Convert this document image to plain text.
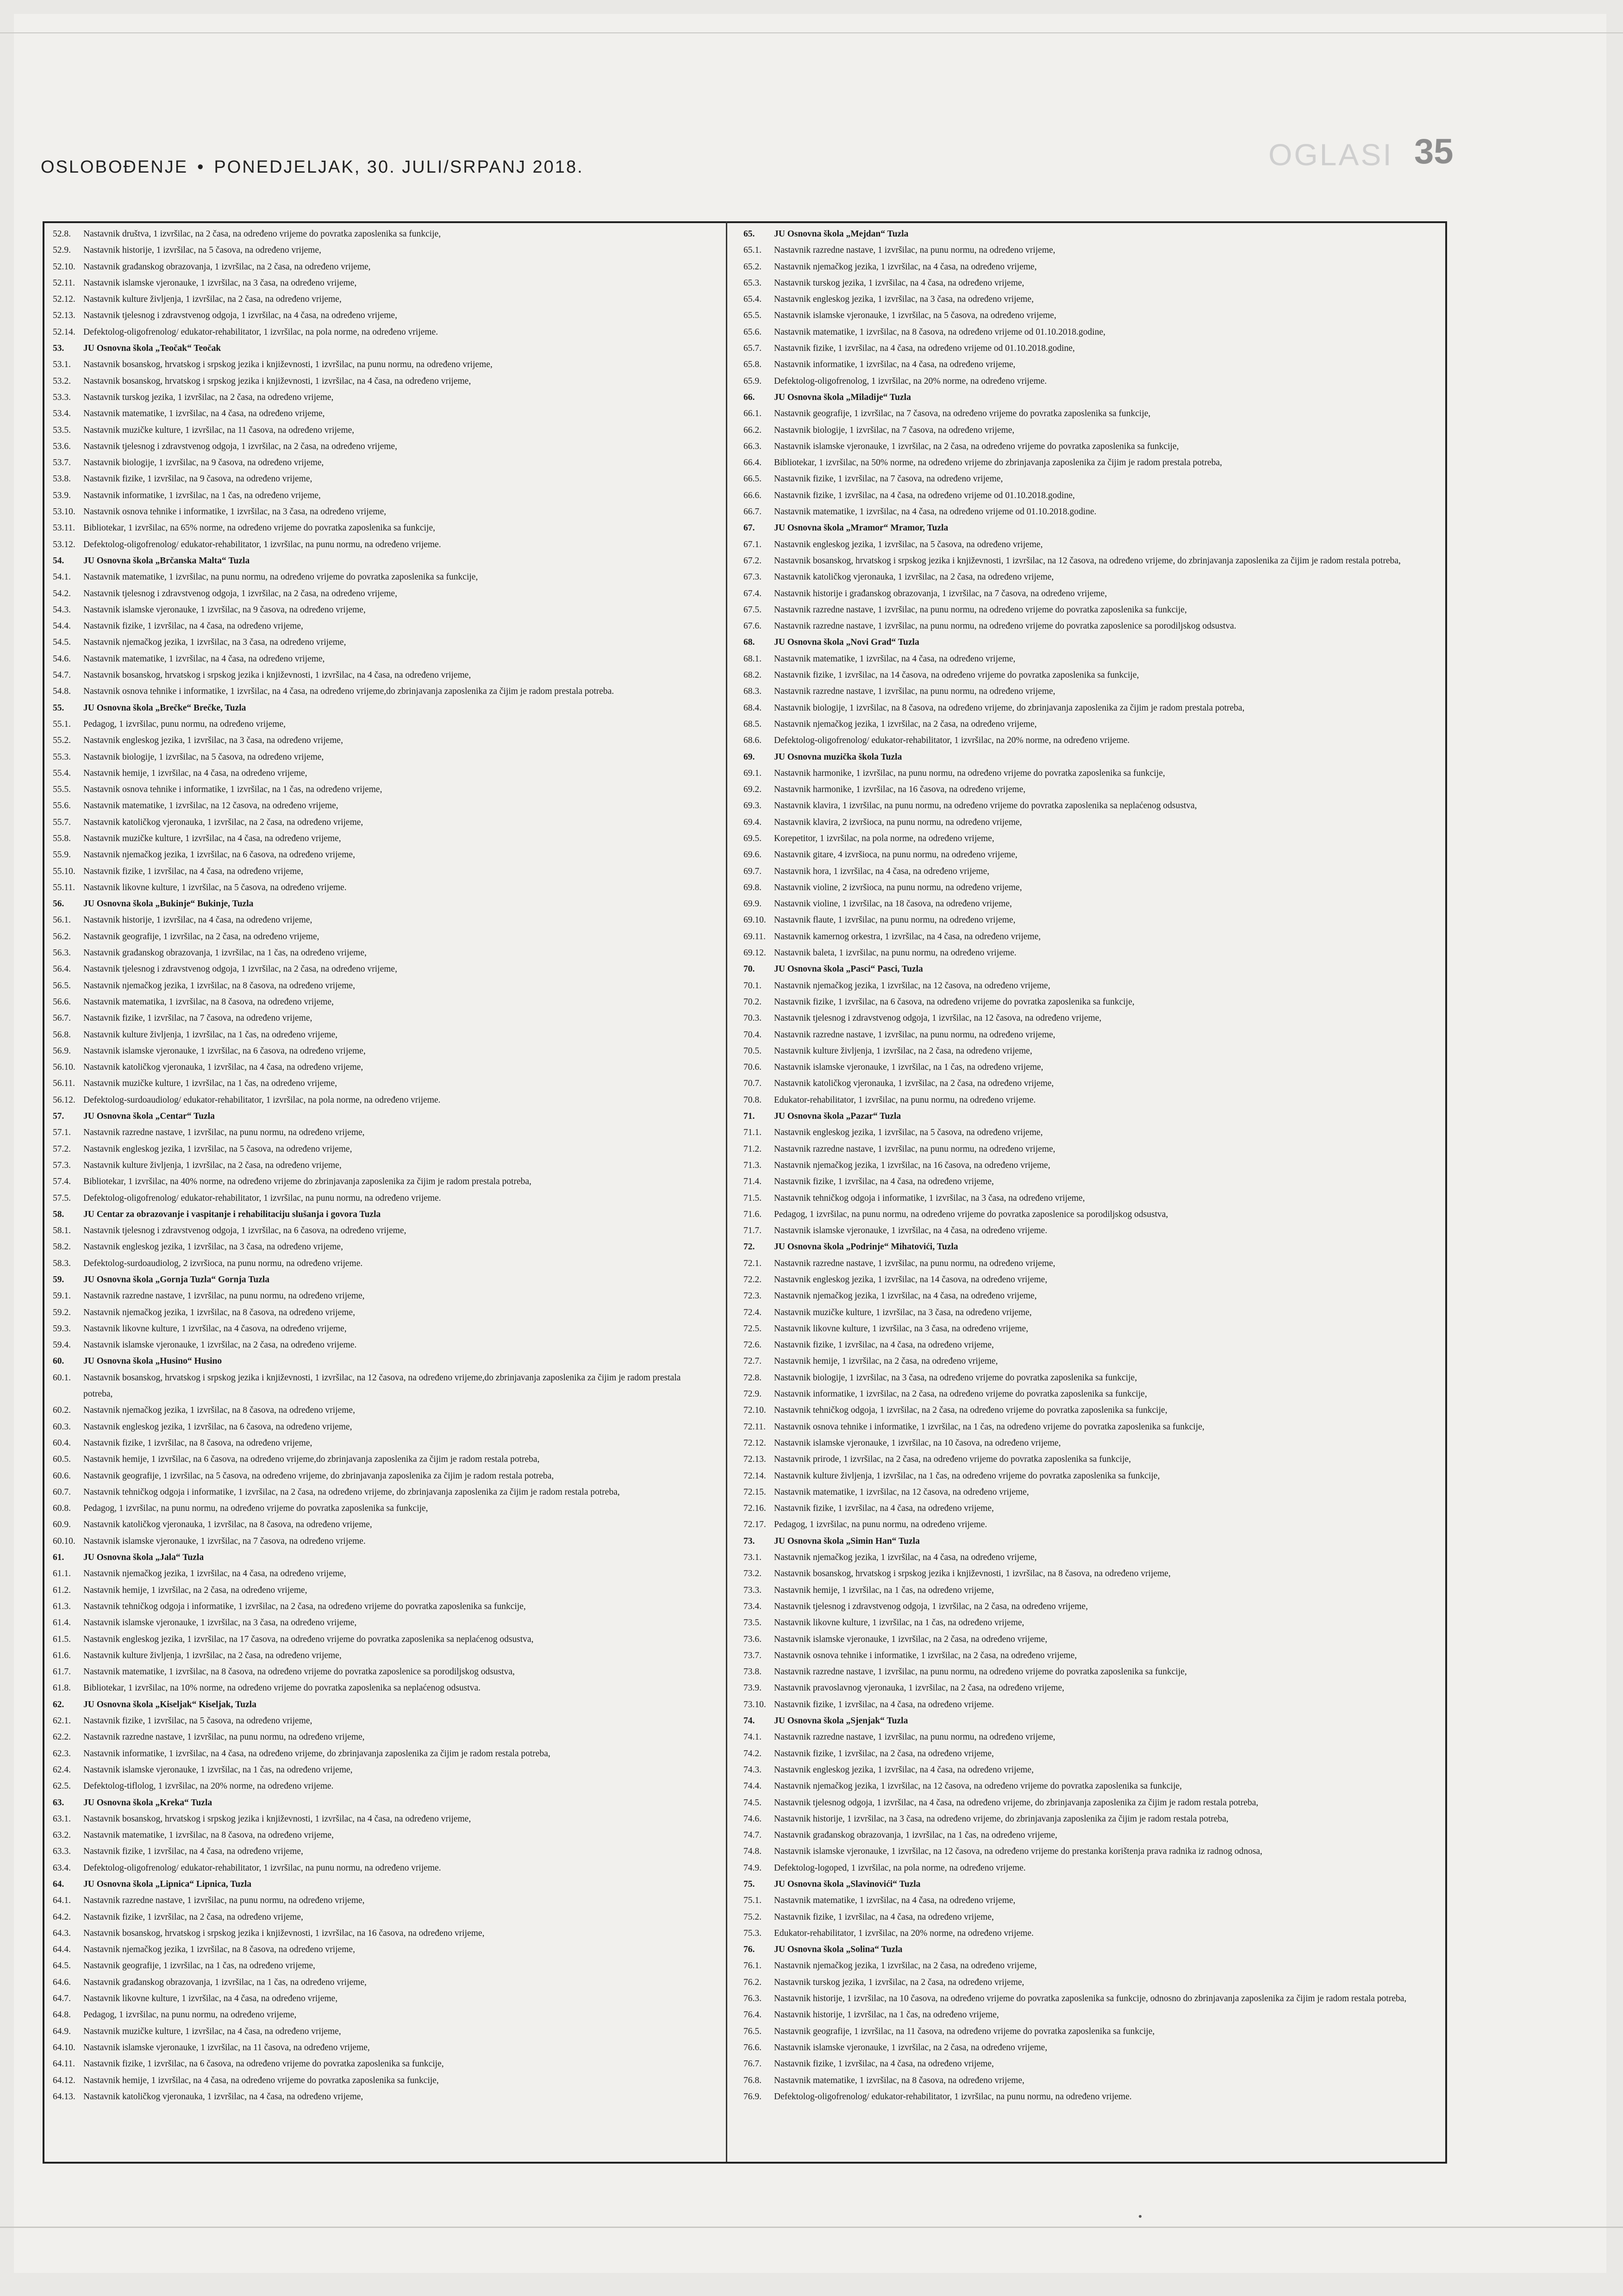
OSLOBOĐENJE • PONEDJELJAK, 30. JULI/SRPANJ 2018.	OGLASI 35
52.8.	Nastavnik društva, 1 izvršilac, na 2 časa, na određeno vrijeme do povratka zaposlenika sa funkcije,
52.9.	Nastavnik historije, 1 izvršilac, na 5 časova, na određeno vrijeme,
52.10. Nastavnik građanskog obrazovanja, 1 izvršilac, na 2 časa, na određeno vrijeme,
52.11. Nastavnik islamske vjeronauke, 1 izvršilac, na 3 časa, na određeno vrijeme,
52.12. Nastavnik kulture življenja, 1 izvršilac, na 2 časa, na određeno vrijeme,
52.13. Nastavnik tjelesnog i zdravstvenog odgoja, 1 izvršilac, na 4 časa, na određeno vrijeme,
52.14. Defektolog-oligofrenolog/ edukator-rehabilitator, 1 izvršilac, na pola norme, na određeno vrijeme.
53.	JU Osnovna škola „Teočak“ Teočak
53.1.	Nastavnik bosanskog, hrvatskog i srpskog jezika i književnosti, 1 izvršilac, na punu normu, na određeno vrijeme,
53.2.	Nastavnik bosanskog, hrvatskog i srpskog jezika i književnosti, 1 izvršilac, na 4 časa, na određeno vrijeme,
53.3.	Nastavnik turskog jezika, 1 izvršilac, na 2 časa, na određeno vrijeme,
53.4.	Nastavnik matematike, 1 izvršilac, na 4 časa, na određeno vrijeme,
53.5.	Nastavnik muzičke kulture, 1 izvršilac, na 11 časova, na određeno vrijeme,
53.6.	Nastavnik tjelesnog i zdravstvenog odgoja, 1 izvršilac, na 2 časa, na određeno vrijeme,
53.7.	Nastavnik biologije, 1 izvršilac, na 9 časova, na određeno vrijeme,
53.8.	Nastavnik fizike, 1 izvršilac, na 9 časova, na određeno vrijeme,
53.9.	Nastavnik informatike, 1 izvršilac, na 1 čas, na određeno vrijeme,
53.10. Nastavnik osnova tehnike i informatike, 1 izvršilac, na 3 časa, na određeno vrijeme,
53.11. Bibliotekar, 1 izvršilac, na 65% norme, na određeno vrijeme do povratka zaposlenika sa funkcije,
53.12. Defektolog-oligofrenolog/ edukator-rehabilitator, 1 izvršilac, na punu normu, na određeno vrijeme.
54.	JU Osnovna škola „Brčanska Malta“ Tuzla
54.1.	Nastavnik matematike, 1 izvršilac, na punu normu, na određeno vrijeme do povratka zaposlenika sa funkcije,
54.2.	Nastavnik tjelesnog i zdravstvenog odgoja, 1 izvršilac, na 2 časa, na određeno vrijeme,
54.3.	Nastavnik islamske vjeronauke, 1 izvršilac, na 9 časova, na određeno vrijeme,
54.4.	Nastavnik fizike, 1 izvršilac, na 4 časa, na određeno vrijeme,
54.5.	Nastavnik njemačkog jezika, 1 izvršilac, na 3 časa, na određeno vrijeme,
54.6.	Nastavnik matematike, 1 izvršilac, na 4 časa, na određeno vrijeme,
54.7.	Nastavnik bosanskog, hrvatskog i srpskog jezika i književnosti, 1 izvršilac, na 4 časa, na određeno vrijeme,
54.8.	Nastavnik osnova tehnike i informatike, 1 izvršilac, na 4 časa, na određeno vrijeme,do zbrinjavanja zaposlenika za čijim je radom prestala potreba.
55.	JU Osnovna škola „Brečke“ Brečke, Tuzla
55.1.	Pedagog, 1 izvršilac, punu normu, na određeno vrijeme,
55.2.	Nastavnik engleskog jezika, 1 izvršilac, na 3 časa, na određeno vrijeme,
55.3.	Nastavnik biologije, 1 izvršilac, na 5 časova, na određeno vrijeme,
55.4.	Nastavnik hemije, 1 izvršilac, na 4 časa, na određeno vrijeme,
55.5.	Nastavnik osnova tehnike i informatike, 1 izvršilac, na 1 čas, na određeno vrijeme,
55.6.	Nastavnik matematike, 1 izvršilac, na 12 časova, na određeno vrijeme,
55.7.	Nastavnik katoličkog vjeronauka, 1 izvršilac, na 2 časa, na određeno vrijeme,
55.8.	Nastavnik muzičke kulture, 1 izvršilac, na 4 časa, na određeno vrijeme,
55.9.	Nastavnik njemačkog jezika, 1 izvršilac, na 6 časova, na određeno vrijeme,
55.10. Nastavnik fizike, 1 izvršilac, na 4 časa, na određeno vrijeme,
55.11. Nastavnik likovne kulture, 1 izvršilac, na 5 časova, na određeno vrijeme.
56.	JU Osnovna škola „Bukinje“ Bukinje, Tuzla
56.1.	Nastavnik historije, 1 izvršilac, na 4 časa, na određeno vrijeme,
56.2.	Nastavnik geografije, 1 izvršilac, na 2 časa, na određeno vrijeme,
56.3.	Nastavnik građanskog obrazovanja, 1 izvršilac, na 1 čas, na određeno vrijeme,
56.4.	Nastavnik tjelesnog i zdravstvenog odgoja, 1 izvršilac, na 2 časa, na određeno vrijeme,
56.5.	Nastavnik njemačkog jezika, 1 izvršilac, na 8 časova, na određeno vrijeme,
56.6.	Nastavnik matematika, 1 izvršilac, na 8 časova, na određeno vrijeme,
56.7.	Nastavnik fizike, 1 izvršilac, na 7 časova, na određeno vrijeme,
56.8.	Nastavnik kulture življenja, 1 izvršilac, na 1 čas, na određeno vrijeme,
56.9.	Nastavnik islamske vjeronauke, 1 izvršilac, na 6 časova, na određeno vrijeme,
56.10. Nastavnik katoličkog vjeronauka, 1 izvršilac, na 4 časa, na određeno vrijeme,
56.11. Nastavnik muzičke kulture, 1 izvršilac, na 1 čas, na određeno vrijeme,
56.12. Defektolog-surdoaudiolog/ edukator-rehabilitator, 1 izvršilac, na pola norme, na određeno vrijeme.
57.	JU Osnovna škola „Centar“ Tuzla
57.1.	Nastavnik razredne nastave, 1 izvršilac, na punu normu, na određeno vrijeme,
57.2.	Nastavnik engleskog jezika, 1 izvršilac, na 5 časova, na određeno vrijeme,
57.3.	Nastavnik kulture življenja, 1 izvršilac, na 2 časa, na određeno vrijeme,
57.4.	Bibliotekar, 1 izvršilac, na 40% norme, na određeno vrijeme do zbrinjavanja zaposlenika za čijim je radom prestala potreba,
57.5.	Defektolog-oligofrenolog/ edukator-rehabilitator, 1 izvršilac, na punu normu, na određeno vrijeme.
58.	JU Centar za obrazovanje i vaspitanje i rehabilitaciju slušanja i govora Tuzla
58.1.	Nastavnik tjelesnog i zdravstvenog odgoja, 1 izvršilac, na 6 časova, na određeno vrijeme,
58.2.	Nastavnik engleskog jezika, 1 izvršilac, na 3 časa, na određeno vrijeme,
58.3.	Defektolog-surdoaudiolog, 2 izvršioca, na punu normu, na određeno vrijeme.
59.	JU Osnovna škola „Gornja Tuzla“ Gornja Tuzla
59.1.	Nastavnik razredne nastave, 1 izvršilac, na punu normu, na određeno vrijeme,
59.2.	Nastavnik njemačkog jezika, 1 izvršilac, na 8 časova, na određeno vrijeme,
59.3.	Nastavnik likovne kulture, 1 izvršilac, na 4 časova, na određeno vrijeme,
59.4.	Nastavnik islamske vjeronauke, 1 izvršilac, na 2 časa, na određeno vrijeme.
60.	JU Osnovna škola „Husino“ Husino
60.1.	Nastavnik bosanskog, hrvatskog i srpskog jezika i književnosti, 1 izvršilac, na 12 časova, na određeno vrijeme,do zbrinjavanja zaposlenika za čijim je radom prestala potreba,
60.2.	Nastavnik njemačkog jezika, 1 izvršilac, na 8 časova, na određeno vrijeme,
60.3.	Nastavnik engleskog jezika, 1 izvršilac, na 6 časova, na određeno vrijeme,
60.4.	Nastavnik fizike, 1 izvršilac, na 8 časova, na određeno vrijeme,
60.5.	Nastavnik hemije, 1 izvršilac, na 6 časova, na određeno vrijeme,do zbrinjavanja zaposlenika za čijim je radom restala potreba,
60.6.	Nastavnik geografije, 1 izvršilac, na 5 časova, na određeno vrijeme, do zbrinjavanja zaposlenika za čijim je radom restala potreba,
60.7.	Nastavnik tehničkog odgoja i informatike, 1 izvršilac, na 2 časa, na određeno vrijeme, do zbrinjavanja zaposlenika za čijim je radom restala potreba,
60.8.	Pedagog, 1 izvršilac, na punu normu, na određeno vrijeme do povratka zaposlenika sa funkcije,
60.9.	Nastavnik katoličkog vjeronauka, 1 izvršilac, na 8 časova, na određeno vrijeme,
60.10. Nastavnik islamske vjeronauke, 1 izvršilac, na 7 časova, na određeno vrijeme.
61.	JU Osnovna škola „Jala“ Tuzla
61.1.	Nastavnik njemačkog jezika, 1 izvršilac, na 4 časa, na određeno vrijeme,
61.2.	Nastavnik hemije, 1 izvršilac, na 2 časa, na određeno vrijeme,
61.3.	Nastavnik tehničkog odgoja i informatike, 1 izvršilac, na 2 časa, na određeno vrijeme do povratka zaposlenika sa funkcije,
61.4.	Nastavnik islamske vjeronauke, 1 izvršilac, na 3 časa, na određeno vrijeme,
61.5.	Nastavnik engleskog jezika, 1 izvršilac, na 17 časova, na određeno vrijeme do povratka zaposlenika sa neplaćenog odsustva,
61.6.	Nastavnik kulture življenja, 1 izvršilac, na 2 časa, na određeno vrijeme,
61.7.	Nastavnik matematike, 1 izvršilac, na 8 časova, na određeno vrijeme do povratka zaposlenice sa porodiljskog odsustva,
61.8.	Bibliotekar, 1 izvršilac, na 10% norme, na određeno vrijeme do povratka zaposlenika sa neplaćenog odsustva.
62.	JU Osnovna škola „Kiseljak“ Kiseljak, Tuzla
62.1.	Nastavnik fizike, 1 izvršilac, na 5 časova, na određeno vrijeme,
62.2.	Nastavnik razredne nastave, 1 izvršilac, na punu normu, na određeno vrijeme,
62.3.	Nastavnik informatike, 1 izvršilac, na 4 časa, na određeno vrijeme, do zbrinjavanja zaposlenika za čijim je radom restala potreba,
62.4.	Nastavnik islamske vjeronauke, 1 izvršilac, na 1 čas, na određeno vrijeme,
62.5.	Defektolog-tiflolog, 1 izvršilac, na 20% norme, na određeno vrijeme.
63.	JU Osnovna škola „Kreka“ Tuzla
63.1.	Nastavnik bosanskog, hrvatskog i srpskog jezika i književnosti, 1 izvršilac, na 4 časa, na određeno vrijeme,
63.2.	Nastavnik matematike, 1 izvršilac, na 8 časova, na određeno vrijeme,
63.3.	Nastavnik fizike, 1 izvršilac, na 4 časa, na određeno vrijeme,
63.4.	Defektolog-oligofrenolog/ edukator-rehabilitator, 1 izvršilac, na punu normu, na određeno vrijeme.
64.	JU Osnovna škola „Lipnica“ Lipnica, Tuzla
64.1.	Nastavnik razredne nastave, 1 izvršilac, na punu normu, na određeno vrijeme,
64.2.	Nastavnik fizike, 1 izvršilac, na 2 časa, na određeno vrijeme,
64.3.	Nastavnik bosanskog, hrvatskog i srpskog jezika i književnosti, 1 izvršilac, na 16 časova, na određeno vrijeme,
64.4.	Nastavnik njemačkog jezika, 1 izvršilac, na 8 časova, na određeno vrijeme,
64.5.	Nastavnik geografije, 1 izvršilac, na 1 čas, na određeno vrijeme,
64.6.	Nastavnik građanskog obrazovanja, 1 izvršilac, na 1 čas, na određeno vrijeme,
64.7.	Nastavnik likovne kulture, 1 izvršilac, na 4 časa, na određeno vrijeme,
64.8.	Pedagog, 1 izvršilac, na punu normu, na određeno vrijeme,
64.9.	Nastavnik muzičke kulture, 1 izvršilac, na 4 časa, na određeno vrijeme,
64.10. Nastavnik islamske vjeronauke, 1 izvršilac, na 11 časova, na određeno vrijeme,
64.11. Nastavnik fizike, 1 izvršilac, na 6 časova, na određeno vrijeme do povratka zaposlenika sa funkcije,
64.12. Nastavnik hemije, 1 izvršilac, na 4 časa, na određeno vrijeme do povratka zaposlenika sa funkcije,
64.13. Nastavnik katoličkog vjeronauka, 1 izvršilac, na 4 časa, na određeno vrijeme,
65.	JU Osnovna škola „Mejdan“ Tuzla
65.1.	Nastavnik razredne nastave, 1 izvršilac, na punu normu, na određeno vrijeme,
65.2.	Nastavnik njemačkog jezika, 1 izvršilac, na 4 časa, na određeno vrijeme,
65.3.	Nastavnik turskog jezika, 1 izvršilac, na 4 časa, na određeno vrijeme,
65.4.	Nastavnik engleskog jezika, 1 izvršilac, na 3 časa, na određeno vrijeme,
65.5.	Nastavnik islamske vjeronauke, 1 izvršilac, na 5 časova, na određeno vrijeme,
65.6.	Nastavnik matematike, 1 izvršilac, na 8 časova, na određeno vrijeme od 01.10.2018.godine,
65.7.	Nastavnik fizike, 1 izvršilac, na 4 časa, na određeno vrijeme od 01.10.2018.godine,
65.8.	Nastavnik informatike, 1 izvršilac, na 4 časa, na određeno vrijeme,
65.9.	Defektolog-oligofrenolog, 1 izvršilac, na 20% norme, na određeno vrijeme.
66.	JU Osnovna škola „Miladije“ Tuzla
66.1.	Nastavnik geografije, 1 izvršilac, na 7 časova, na određeno vrijeme do povratka zaposlenika sa funkcije,
66.2.	Nastavnik biologije, 1 izvršilac, na 7 časova, na određeno vrijeme,
66.3.	Nastavnik islamske vjeronauke, 1 izvršilac, na 2 časa, na određeno vrijeme do povratka zaposlenika sa funkcije,
66.4.	Bibliotekar, 1 izvršilac, na 50% norme, na određeno vrijeme do zbrinjavanja zaposlenika za čijim je radom prestala potreba,
66.5.	Nastavnik fizike, 1 izvršilac, na 7 časova, na određeno vrijeme,
66.6.	Nastavnik fizike, 1 izvršilac, na 4 časa, na određeno vrijeme od 01.10.2018.godine,
66.7.	Nastavnik matematike, 1 izvršilac, na 4 časa, na određeno vrijeme od 01.10.2018.godine.
67.	JU Osnovna škola „Mramor“ Mramor, Tuzla
67.1.	Nastavnik engleskog jezika, 1 izvršilac, na 5 časova, na određeno vrijeme,
67.2.	Nastavnik bosanskog, hrvatskog i srpskog jezika i književnosti, 1 izvršilac, na 12 časova, na određeno vrijeme, do zbrinjavanja zaposlenika za čijim je radom restala potreba,
67.3.	Nastavnik katoličkog vjeronauka, 1 izvršilac, na 2 časa, na određeno vrijeme,
67.4.	Nastavnik historije i građanskog obrazovanja, 1 izvršilac, na 7 časova, na određeno vrijeme,
67.5.	Nastavnik razredne nastave, 1 izvršilac, na punu normu, na određeno vrijeme do povratka zaposlenika sa funkcije,
67.6.	Nastavnik razredne nastave, 1 izvršilac, na punu normu, na određeno vrijeme do povratka zaposlenice sa porodiljskog odsustva.
68.	JU Osnovna škola „Novi Grad“ Tuzla
68.1.	Nastavnik matematike, 1 izvršilac, na 4 časa, na određeno vrijeme,
68.2.	Nastavnik fizike, 1 izvršilac, na 14 časova, na određeno vrijeme do povratka zaposlenika sa funkcije,
68.3.	Nastavnik razredne nastave, 1 izvršilac, na punu normu, na određeno vrijeme,
68.4.	Nastavnik biologije, 1 izvršilac, na 8 časova, na određeno vrijeme, do zbrinjavanja zaposlenika za čijim je radom prestala potreba,
68.5.	Nastavnik njemačkog jezika, 1 izvršilac, na 2 časa, na određeno vrijeme,
68.6.	Defektolog-oligofrenolog/ edukator-rehabilitator, 1 izvršilac, na 20% norme, na određeno vrijeme.
69.	JU Osnovna muzička škola Tuzla
69.1.	Nastavnik harmonike, 1 izvršilac, na punu normu, na određeno vrijeme do povratka zaposlenika sa funkcije,
69.2.	Nastavnik harmonike, 1 izvršilac, na 16 časova, na određeno vrijeme,
69.3.	Nastavnik klavira, 1 izvršilac, na punu normu, na određeno vrijeme do povratka zaposlenika sa neplaćenog odsustva,
69.4.	Nastavnik klavira, 2 izvršioca, na punu normu, na određeno vrijeme,
69.5.	Korepetitor, 1 izvršilac, na pola norme, na određeno vrijeme,
69.6.	Nastavnik gitare, 4 izvršioca, na punu normu, na određeno vrijeme,
69.7.	Nastavnik hora, 1 izvršilac, na 4 časa, na određeno vrijeme,
69.8.	Nastavnik violine, 2 izvršioca, na punu normu, na određeno vrijeme,
69.9.	Nastavnik violine, 1 izvršilac, na 18 časova, na određeno vrijeme,
69.10. Nastavnik flaute, 1 izvršilac, na punu normu, na određeno vrijeme,
69.11. Nastavnik kamernog orkestra, 1 izvršilac, na 4 časa, na određeno vrijeme,
69.12. Nastavnik baleta, 1 izvršilac, na punu normu, na određeno vrijeme.
70.	JU Osnovna škola „Pasci“ Pasci, Tuzla
70.1.	Nastavnik njemačkog jezika, 1 izvršilac, na 12 časova, na određeno vrijeme,
70.2.	Nastavnik fizike, 1 izvršilac, na 6 časova, na određeno vrijeme do povratka zaposlenika sa funkcije,
70.3.	Nastavnik tjelesnog i zdravstvenog odgoja, 1 izvršilac, na 12 časova, na određeno vrijeme,
70.4.	Nastavnik razredne nastave, 1 izvršilac, na punu normu, na određeno vrijeme,
70.5.	Nastavnik kulture življenja, 1 izvršilac, na 2 časa, na određeno vrijeme,
70.6.	Nastavnik islamske vjeronauke, 1 izvršilac, na 1 čas, na određeno vrijeme,
70.7.	Nastavnik katoličkog vjeronauka, 1 izvršilac, na 2 časa, na određeno vrijeme,
70.8.	Edukator-rehabilitator, 1 izvršilac, na punu normu, na određeno vrijeme.
71.	JU Osnovna škola „Pazar“ Tuzla
71.1.	Nastavnik engleskog jezika, 1 izvršilac, na 5 časova, na određeno vrijeme,
71.2.	Nastavnik razredne nastave, 1 izvršilac, na punu normu, na određeno vrijeme,
71.3.	Nastavnik njemačkog jezika, 1 izvršilac, na 16 časova, na određeno vrijeme,
71.4.	Nastavnik fizike, 1 izvršilac, na 4 časa, na određeno vrijeme,
71.5.	Nastavnik tehničkog odgoja i informatike, 1 izvršilac, na 3 časa, na određeno vrijeme,
71.6.	Pedagog, 1 izvršilac, na punu normu, na određeno vrijeme do povratka zaposlenice sa porodiljskog odsustva,
71.7.	Nastavnik islamske vjeronauke, 1 izvršilac, na 4 časa, na određeno vrijeme.
72.	JU Osnovna škola „Podrinje“ Mihatovići, Tuzla
72.1.	Nastavnik razredne nastave, 1 izvršilac, na punu normu, na određeno vrijeme,
72.2.	Nastavnik engleskog jezika, 1 izvršilac, na 14 časova, na određeno vrijeme,
72.3.	Nastavnik njemačkog jezika, 1 izvršilac, na 4 časa, na određeno vrijeme,
72.4.	Nastavnik muzičke kulture, 1 izvršilac, na 3 časa, na određeno vrijeme,
72.5.	Nastavnik likovne kulture, 1 izvršilac, na 3 časa, na određeno vrijeme,
72.6.	Nastavnik fizike, 1 izvršilac, na 4 časa, na određeno vrijeme,
72.7.	Nastavnik hemije, 1 izvršilac, na 2 časa, na određeno vrijeme,
72.8.	Nastavnik biologije, 1 izvršilac, na 3 časa, na određeno vrijeme do povratka zaposlenika sa funkcije,
72.9.	Nastavnik informatike, 1 izvršilac, na 2 časa, na određeno vrijeme do povratka zaposlenika sa funkcije,
72.10. Nastavnik tehničkog odgoja, 1 izvršilac, na 2 časa, na određeno vrijeme do povratka zaposlenika sa funkcije,
72.11. Nastavnik osnova tehnike i informatike, 1 izvršilac, na 1 čas, na određeno vrijeme do povratka zaposlenika sa funkcije,
72.12. Nastavnik islamske vjeronauke, 1 izvršilac, na 10 časova, na određeno vrijeme,
72.13. Nastavnik prirode, 1 izvršilac, na 2 časa, na određeno vrijeme do povratka zaposlenika sa funkcije,
72.14. Nastavnik kulture življenja, 1 izvršilac, na 1 čas, na određeno vrijeme do povratka zaposlenika sa funkcije,
72.15. Nastavnik matematike, 1 izvršilac, na 12 časova, na određeno vrijeme,
72.16. Nastavnik fizike, 1 izvršilac, na 4 časa, na određeno vrijeme,
72.17. Pedagog, 1 izvršilac, na punu normu, na određeno vrijeme.
73.	JU Osnovna škola „Simin Han“ Tuzla
73.1.	Nastavnik njemačkog jezika, 1 izvršilac, na 4 časa, na određeno vrijeme,
73.2.	Nastavnik bosanskog, hrvatskog i srpskog jezika i književnosti, 1 izvršilac, na 8 časova, na određeno vrijeme,
73.3.	Nastavnik hemije, 1 izvršilac, na 1 čas, na određeno vrijeme,
73.4.	Nastavnik tjelesnog i zdravstvenog odgoja, 1 izvršilac, na 2 časa, na određeno vrijeme,
73.5.	Nastavnik likovne kulture, 1 izvršilac, na 1 čas, na određeno vrijeme,
73.6.	Nastavnik islamske vjeronauke, 1 izvršilac, na 2 časa, na određeno vrijeme,
73.7.	Nastavnik osnova tehnike i informatike, 1 izvršilac, na 2 časa, na određeno vrijeme,
73.8.	Nastavnik razredne nastave, 1 izvršilac, na punu normu, na određeno vrijeme do povratka zaposlenika sa funkcije,
73.9.	Nastavnik pravoslavnog vjeronauka, 1 izvršilac, na 2 časa, na određeno vrijeme,
73.10. Nastavnik fizike, 1 izvršilac, na 4 časa, na određeno vrijeme.
74.	JU Osnovna škola „Sjenjak“ Tuzla
74.1.	Nastavnik razredne nastave, 1 izvršilac, na punu normu, na određeno vrijeme,
74.2.	Nastavnik fizike, 1 izvršilac, na 2 časa, na određeno vrijeme,
74.3.	Nastavnik engleskog jezika, 1 izvršilac, na 4 časa, na određeno vrijeme,
74.4.	Nastavnik njemačkog jezika, 1 izvršilac, na 12 časova, na određeno vrijeme do povratka zaposlenika sa funkcije,
74.5.	Nastavnik tjelesnog odgoja, 1 izvršilac, na 4 časa, na određeno vrijeme, do zbrinjavanja zaposlenika za čijim je radom restala potreba,
74.6.	Nastavnik historije, 1 izvršilac, na 3 časa, na određeno vrijeme, do zbrinjavanja zaposlenika za čijim je radom restala potreba,
74.7.	Nastavnik građanskog obrazovanja, 1 izvršilac, na 1 čas, na određeno vrijeme,
74.8.	Nastavnik islamske vjeronauke, 1 izvršilac, na 12 časova, na određeno vrijeme do prestanka korištenja prava radnika iz radnog odnosa,
74.9.	Defektolog-logoped, 1 izvršilac, na pola norme, na određeno vrijeme.
75.	JU Osnovna škola „Slavinovići“ Tuzla
75.1.	Nastavnik matematike, 1 izvršilac, na 4 časa, na određeno vrijeme,
75.2.	Nastavnik fizike, 1 izvršilac, na 4 časa, na određeno vrijeme,
75.3.	Edukator-rehabilitator, 1 izvršilac, na 20% norme, na određeno vrijeme.
76.	JU Osnovna škola „Solina“ Tuzla
76.1.	Nastavnik njemačkog jezika, 1 izvršilac, na 2 časa, na određeno vrijeme,
76.2.	Nastavnik turskog jezika, 1 izvršilac, na 2 časa, na određeno vrijeme,
76.3.	Nastavnik historije, 1 izvršilac, na 10 časova, na određeno vrijeme do povratka zaposlenika sa funkcije, odnosno do zbrinjavanja zaposlenika za čijim je radom restala potreba,
76.4.	Nastavnik historije, 1 izvršilac, na 1 čas, na određeno vrijeme,
76.5.	Nastavnik geografije, 1 izvršilac, na 11 časova, na određeno vrijeme do povratka zaposlenika sa funkcije,
76.6.	Nastavnik islamske vjeronauke, 1 izvršilac, na 2 časa, na određeno vrijeme,
76.7.	Nastavnik fizike, 1 izvršilac, na 4 časa, na određeno vrijeme,
76.8.	Nastavnik matematike, 1 izvršilac, na 8 časova, na određeno vrijeme,
76.9.	Defektolog-oligofrenolog/ edukator-rehabilitator, 1 izvršilac, na punu normu, na određeno vrijeme.
